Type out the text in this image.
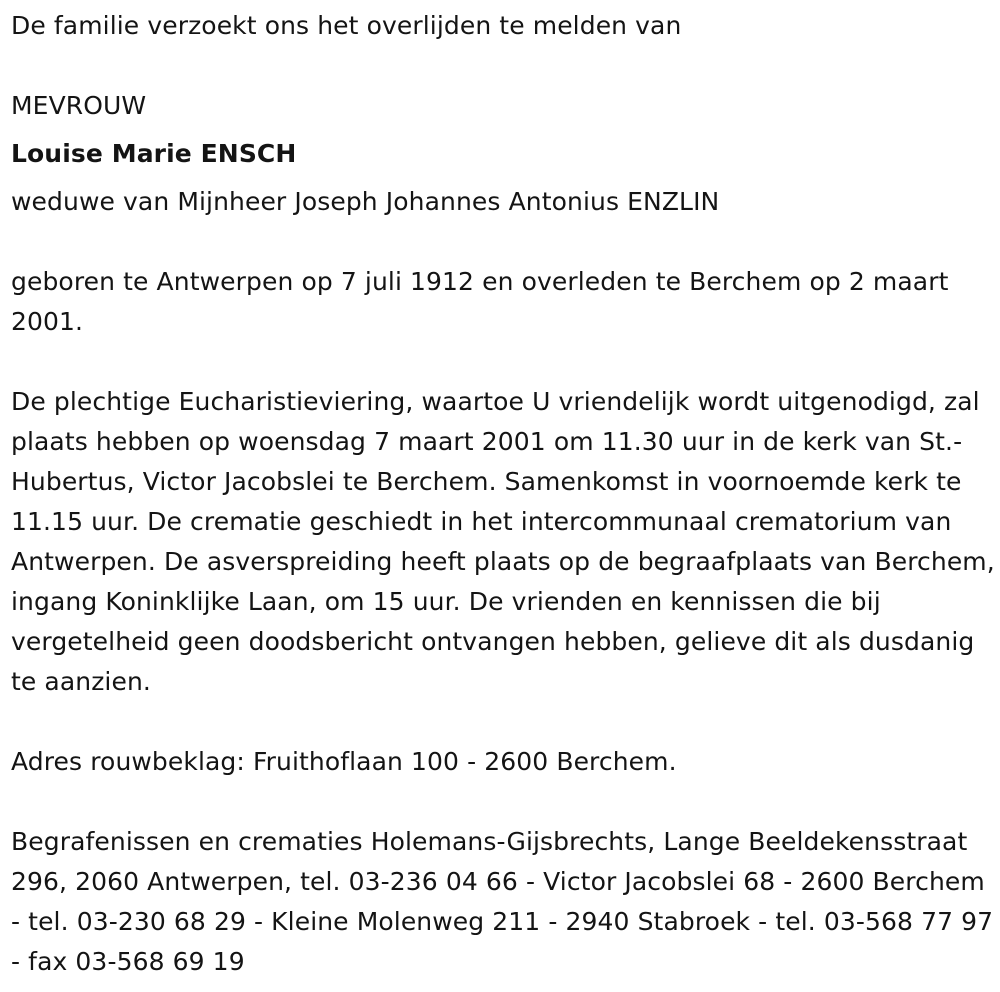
De familie verzoekt ons het overlijden te melden van

MEVROUW

Louise Marie ENSCH

weduwe van Mijnheer Joseph Johannes Antonius ENZLIN

geboren te Antwerpen op 7 juli 1912 en overleden te Berchem op 2 maart 2001.

De plechtige Eucharistieviering, waartoe U vriendelijk wordt uitgenodigd, zal plaats hebben op woensdag 7 maart 2001 om 11.30 uur in de kerk van St.-Hubertus, Victor Jacobslei te Berchem. Samenkomst in voornoemde kerk te 11.15 uur. De crematie geschiedt in het intercommunaal crematorium van Antwerpen. De asverspreiding heeft plaats op de begraafplaats van Berchem, ingang Koninklijke Laan, om 15 uur. De vrienden en kennissen die bij vergetelheid geen doodsbericht ontvangen hebben, gelieve dit als dusdanig te aanzien.

Adres rouwbeklag: Fruithoflaan 100 - 2600 Berchem.

Begrafenissen en crematies Holemans-Gijsbrechts, Lange Beeldekensstraat 296, 2060 Antwerpen, tel. 03-236 04 66 - Victor Jacobslei 68 - 2600 Berchem - tel. 03-230 68 29 - Kleine Molenweg 211 - 2940 Stabroek - tel. 03-568 77 97 - fax 03-568 69 19
